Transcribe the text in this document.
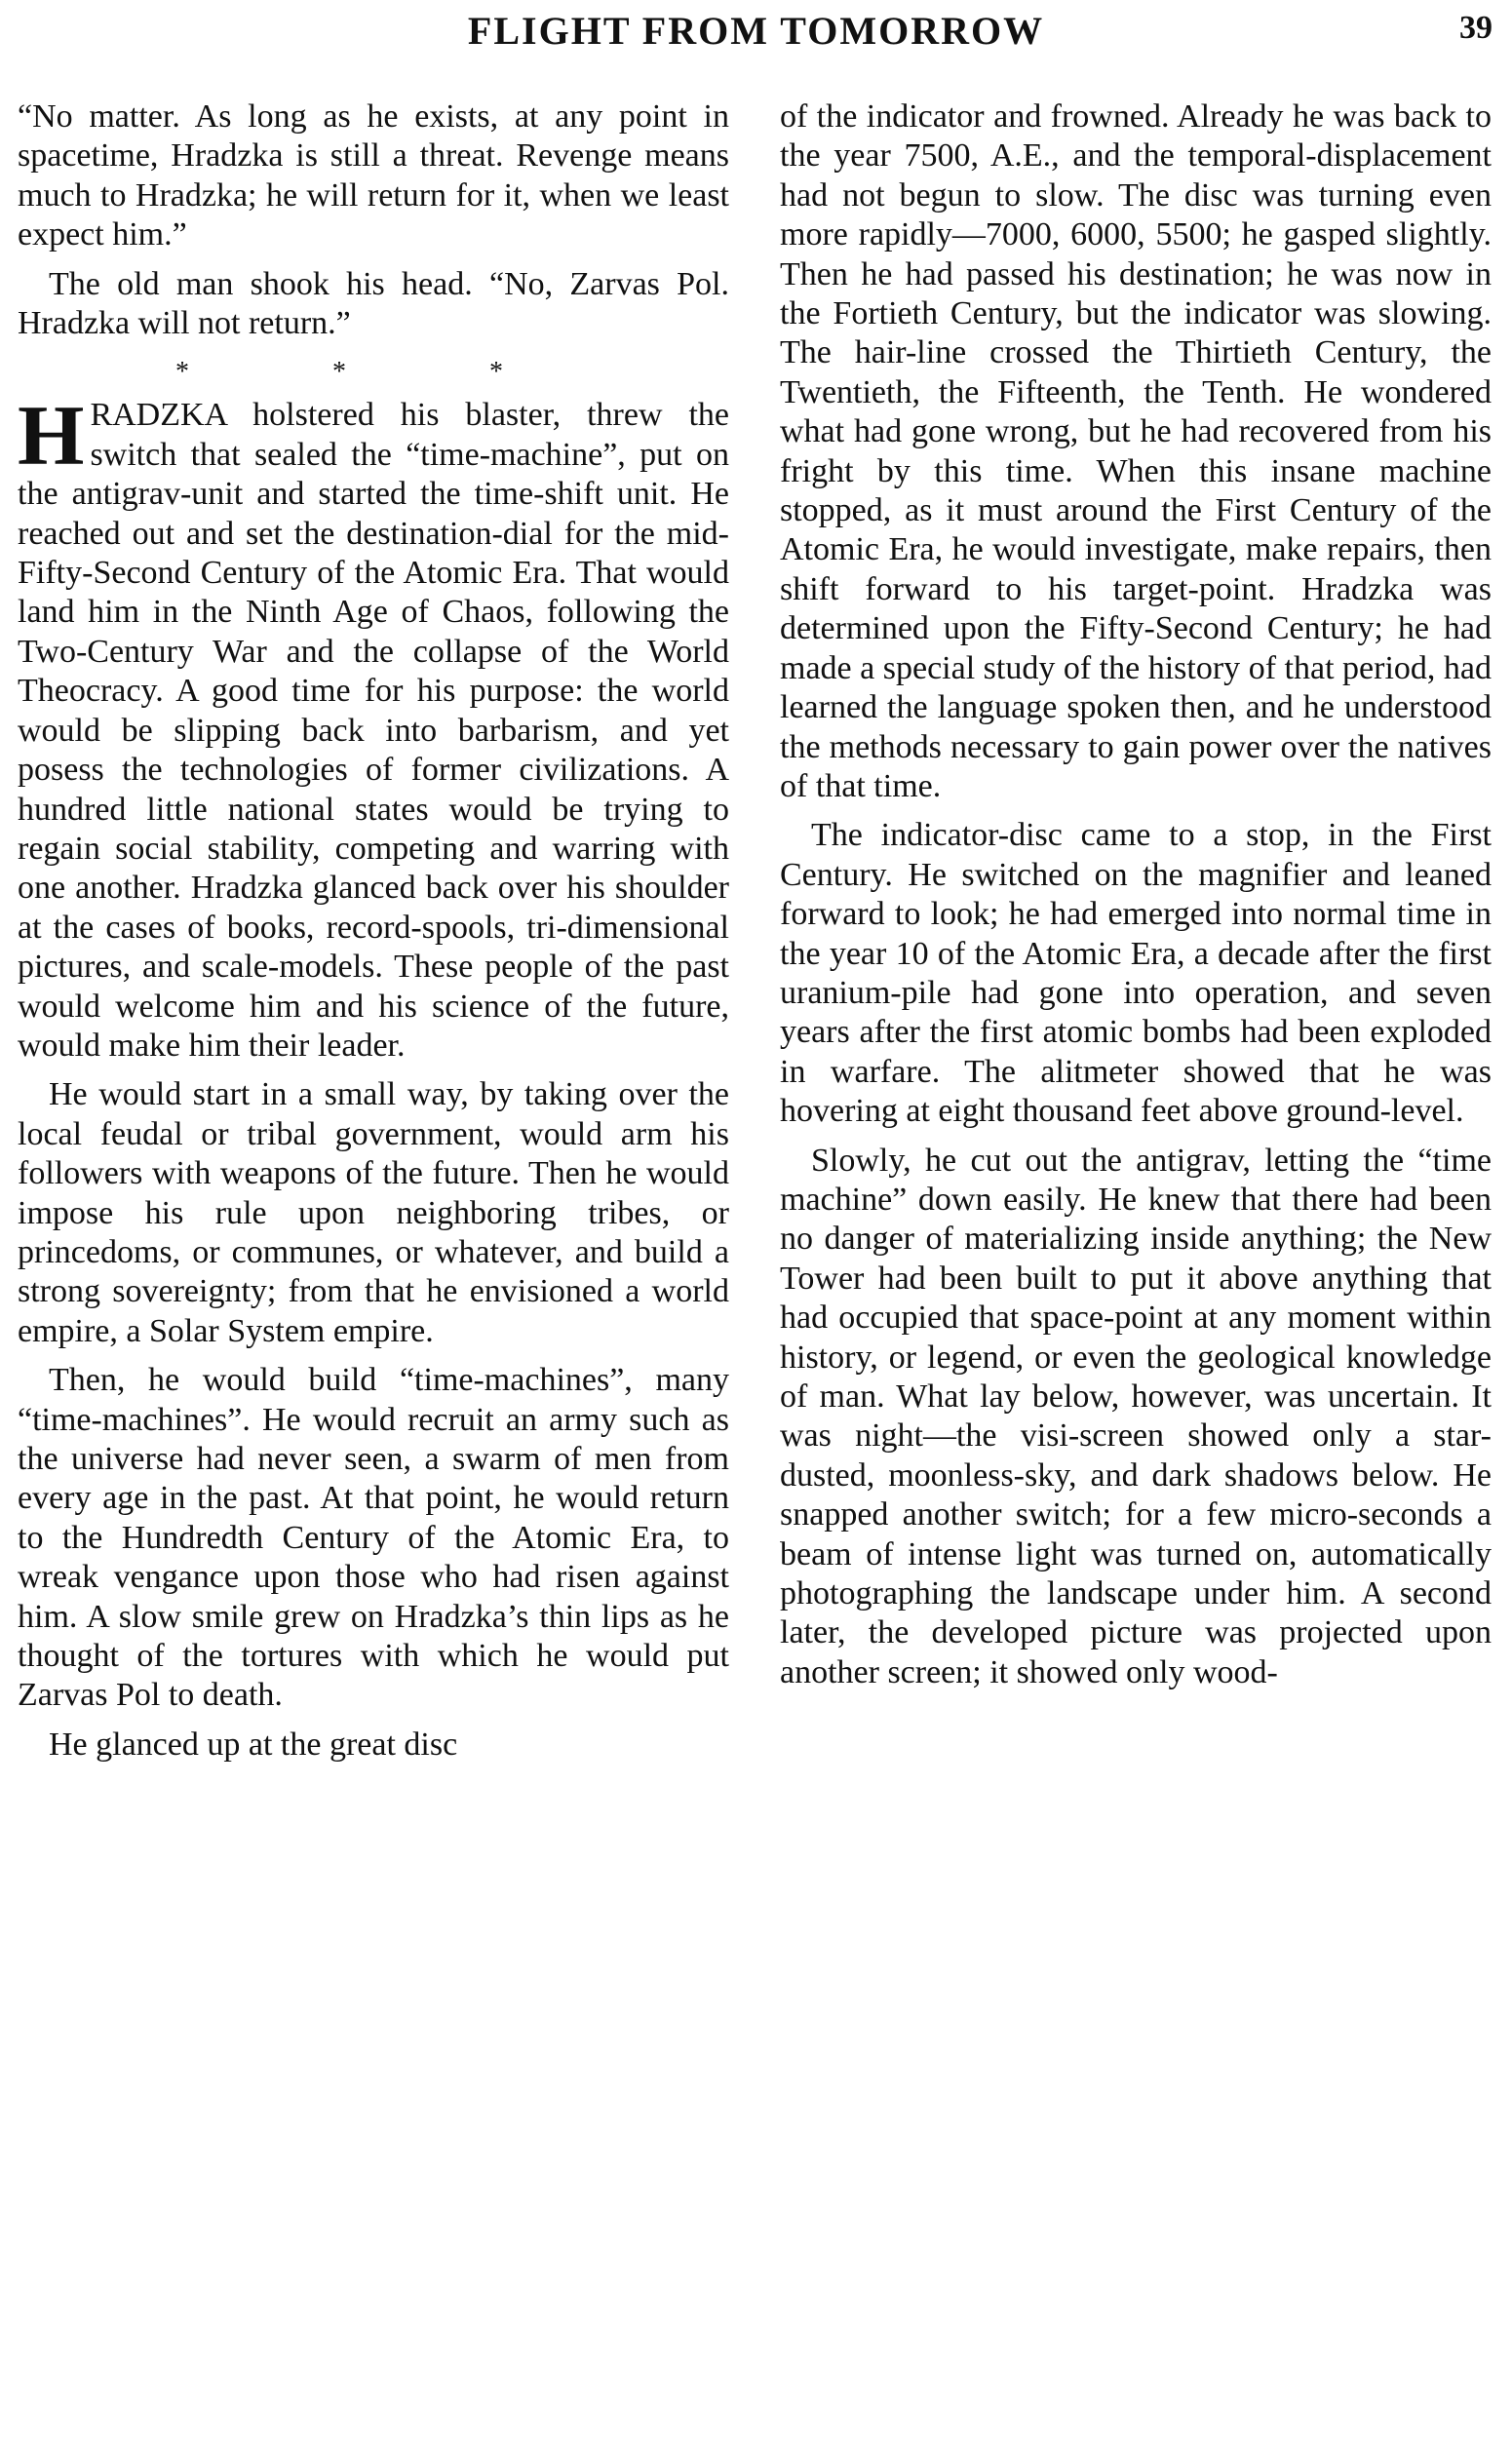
FLIGHT FROM TOMORROW	39

“No matter. As long as he exists, at any point in spacetime, Hradzka is still a threat. Revenge means much to Hradzka; he will return for it, when we least expect him.”

The old man shook his head. “No, Zarvas Pol. Hradzka will not return.”

* * *

HRADZKA holstered his blaster, threw the switch that sealed the “time-machine”, put on the antigrav-unit and started the time-shift unit. He reached out and set the destination-dial for the mid-Fifty-Second Century of the Atomic Era. That would land him in the Ninth Age of Chaos, following the Two-Century War and the collapse of the World Theocracy. A good time for his purpose: the world would be slipping back into barbarism, and yet posess the technologies of former civilizations. A hundred little national states would be trying to regain social stability, competing and warring with one another. Hradzka glanced back over his shoulder at the cases of books, record-spools, tri-dimensional pictures, and scale-models. These people of the past would welcome him and his science of the future, would make him their leader.

He would start in a small way, by taking over the local feudal or tribal government, would arm his followers with weapons of the future. Then he would impose his rule upon neighboring tribes, or princedoms, or communes, or whatever, and build a strong sovereignty; from that he envisioned a world empire, a Solar System empire.

Then, he would build “time-machines”, many “time-machines”. He would recruit an army such as the universe had never seen, a swarm of men from every age in the past. At that point, he would return to the Hundredth Century of the Atomic Era, to wreak vengance upon those who had risen against him. A slow smile grew on Hradzka’s thin lips as he thought of the tortures with which he would put Zarvas Pol to death.

He glanced up at the great disc

of the indicator and frowned. Already he was back to the year 7500, A.E., and the temporal-displacement had not begun to slow. The disc was turning even more rapidly—7000, 6000, 5500; he gasped slightly. Then he had passed his destination; he was now in the Fortieth Century, but the indicator was slowing. The hair-line crossed the Thirtieth Century, the Twentieth, the Fifteenth, the Tenth. He wondered what had gone wrong, but he had recovered from his fright by this time. When this insane machine stopped, as it must around the First Century of the Atomic Era, he would investigate, make repairs, then shift forward to his target-point. Hradzka was determined upon the Fifty-Second Century; he had made a special study of the history of that period, had learned the language spoken then, and he understood the methods necessary to gain power over the natives of that time.

The indicator-disc came to a stop, in the First Century. He switched on the magnifier and leaned forward to look; he had emerged into normal time in the year 10 of the Atomic Era, a decade after the first uranium-pile had gone into operation, and seven years after the first atomic bombs had been exploded in warfare. The alitmeter showed that he was hovering at eight thousand feet above ground-level.

Slowly, he cut out the antigrav, letting the “time machine” down easily. He knew that there had been no danger of materializing inside anything; the New Tower had been built to put it above anything that had occupied that space-point at any moment within history, or legend, or even the geological knowledge of man. What lay below, however, was uncertain. It was night—the visi-screen showed only a star-dusted, moonless-sky, and dark shadows below. He snapped another switch; for a few micro-seconds a beam of intense light was turned on, automatically photographing the landscape under him. A second later, the developed picture was projected upon another screen; it showed only wood-
